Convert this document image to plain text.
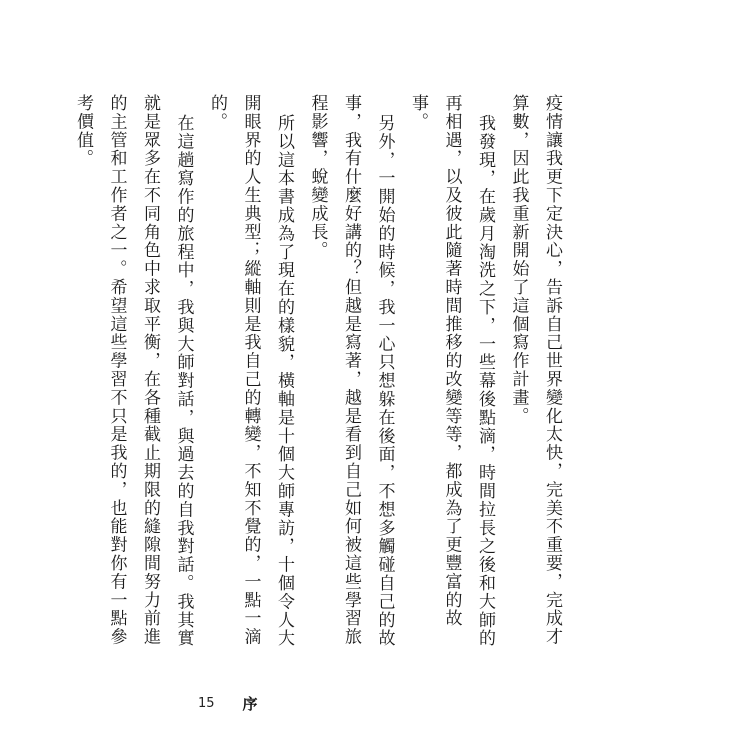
疫情讓我更下定決心，告訴自己世界變化太快，完美不重要，完成才算數，因此我重新開始了這個寫作計畫。

我發現，在歲月淘洗之下，一些幕後點滴，時間拉長之後和大師的再相遇，以及彼此隨著時間推移的改變等等，都成為了更豐富的故事。

另外，一開始的時候，我一心只想躲在後面，不想多觸碰自己的故事，我有什麼好講的？但越是寫著，越是看到自己如何被這些學習旅程影響，蛻變成長。

所以這本書成為了現在的樣貌，橫軸是十個大師專訪，十個令人大開眼界的人生典型；縱軸則是我自己的轉變，不知不覺的，一點一滴的。

在這趟寫作的旅程中，我與大師對話，與過去的自我對話。我其實就是眾多在不同角色中求取平衡，在各種截止期限的縫隙間努力前進的主管和工作者之一。希望這些學習不只是我的，也能對你有一點參考價值。

15 序
